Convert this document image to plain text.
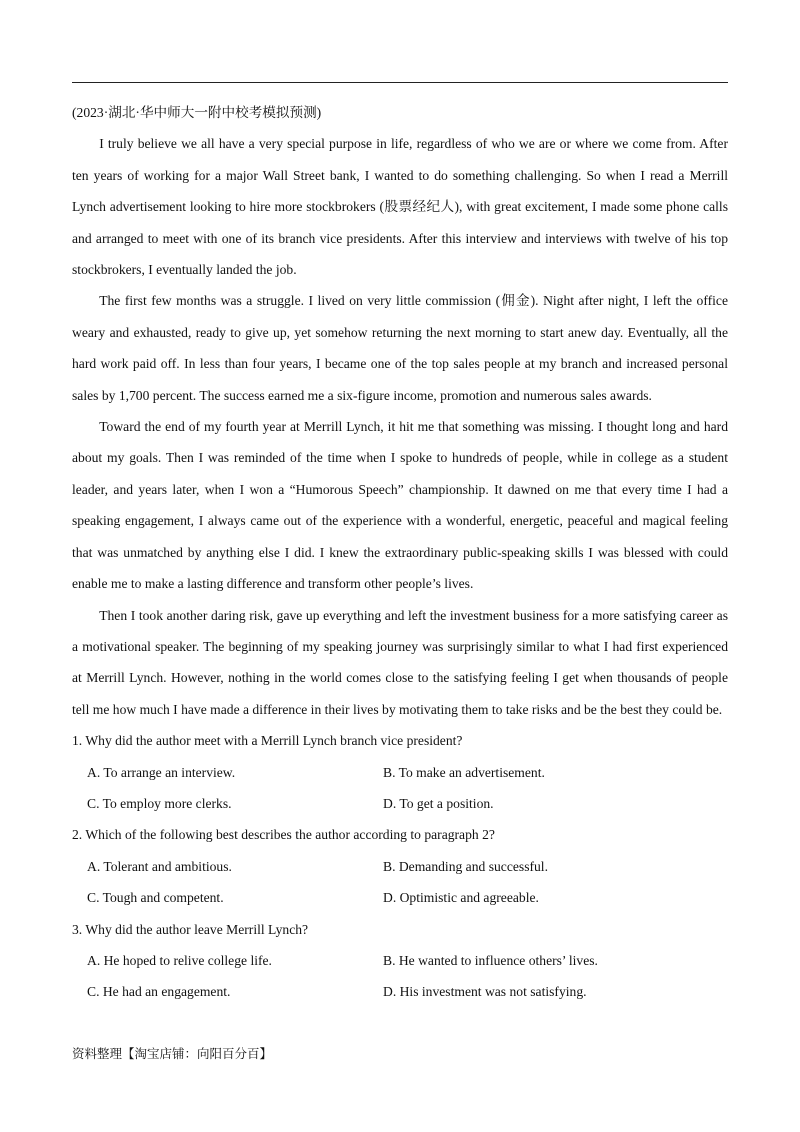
(2023·湖北·华中师大一附中校考模拟预测)

I truly believe we all have a very special purpose in life, regardless of who we are or where we come from. After ten years of working for a major Wall Street bank, I wanted to do something challenging. So when I read a Merrill Lynch advertisement looking to hire more stockbrokers (股票经纪人), with great excitement, I made some phone calls and arranged to meet with one of its branch vice presidents. After this interview and interviews with twelve of his top stockbrokers, I eventually landed the job.

The first few months was a struggle. I lived on very little commission (佣金). Night after night, I left the office weary and exhausted, ready to give up, yet somehow returning the next morning to start anew day. Eventually, all the hard work paid off. In less than four years, I became one of the top sales people at my branch and increased personal sales by 1,700 percent. The success earned me a six-figure income, promotion and numerous sales awards.

Toward the end of my fourth year at Merrill Lynch, it hit me that something was missing. I thought long and hard about my goals. Then I was reminded of the time when I spoke to hundreds of people, while in college as a student leader, and years later, when I won a “Humorous Speech” championship. It dawned on me that every time I had a speaking engagement, I always came out of the experience with a wonderful, energetic, peaceful and magical feeling that was unmatched by anything else I did. I knew the extraordinary public-speaking skills I was blessed with could enable me to make a lasting difference and transform other people’s lives.

Then I took another daring risk, gave up everything and left the investment business for a more satisfying career as a motivational speaker. The beginning of my speaking journey was surprisingly similar to what I had first experienced at Merrill Lynch. However, nothing in the world comes close to the satisfying feeling I get when thousands of people tell me how much I have made a difference in their lives by motivating them to take risks and be the best they could be.

1. Why did the author meet with a Merrill Lynch branch vice president?

A. To arrange an interview.	B. To make an advertisement.
C. To employ more clerks.	D. To get a position.

2. Which of the following best describes the author according to paragraph 2?

A. Tolerant and ambitious.	B. Demanding and successful.
C. Tough and competent.	D. Optimistic and agreeable.

3. Why did the author leave Merrill Lynch?

A. He hoped to relive college life.	B. He wanted to influence others’ lives.
C. He had an engagement.	D. His investment was not satisfying.
资料整理【淘宝店铺：向阳百分百】
